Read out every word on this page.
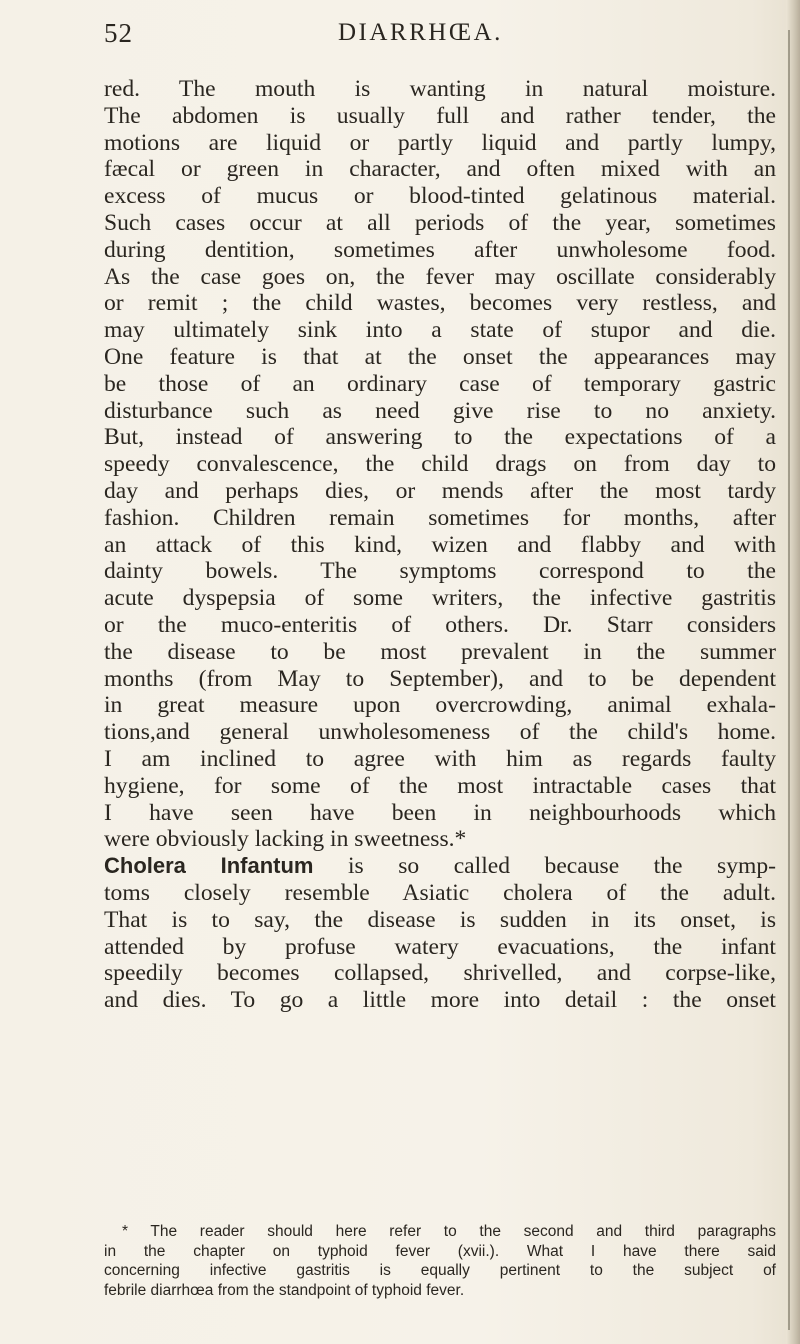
52	DIARRHŒA.
red. The mouth is wanting in natural moisture.
The abdomen is usually full and rather tender, the
motions are liquid or partly liquid and partly lumpy,
fæcal or green in character, and often mixed with an
excess of mucus or blood-tinted gelatinous material.
Such cases occur at all periods of the year, sometimes
during dentition, sometimes after unwholesome food.
As the case goes on, the fever may oscillate considerably
or remit ; the child wastes, becomes very restless, and
may ultimately sink into a state of stupor and die.
One feature is that at the onset the appearances may
be those of an ordinary case of temporary gastric
disturbance such as need give rise to no anxiety.
But, instead of answering to the expectations of a
speedy convalescence, the child drags on from day to
day and perhaps dies, or mends after the most tardy
fashion. Children remain sometimes for months, after
an attack of this kind, wizen and flabby and with
dainty bowels. The symptoms correspond to the
acute dyspepsia of some writers, the infective gastritis
or the muco-enteritis of others. Dr. Starr considers
the disease to be most prevalent in the summer
months (from May to September), and to be dependent
in great measure upon overcrowding, animal exhala-
tions,and general unwholesomeness of the child's home.
I am inclined to agree with him as regards faulty
hygiene, for some of the most intractable cases that
I have seen have been in neighbourhoods which
were obviously lacking in sweetness.*
Cholera Infantum is so called because the symp-
toms closely resemble Asiatic cholera of the adult.
That is to say, the disease is sudden in its onset, is
attended by profuse watery evacuations, the infant
speedily becomes collapsed, shrivelled, and corpse-like,
and dies. To go a little more into detail : the onset
* The reader should here refer to the second and third paragraphs
in the chapter on typhoid fever (xvii.). What I have there said
concerning infective gastritis is equally pertinent to the subject of
febrile diarrhœa from the standpoint of typhoid fever.
